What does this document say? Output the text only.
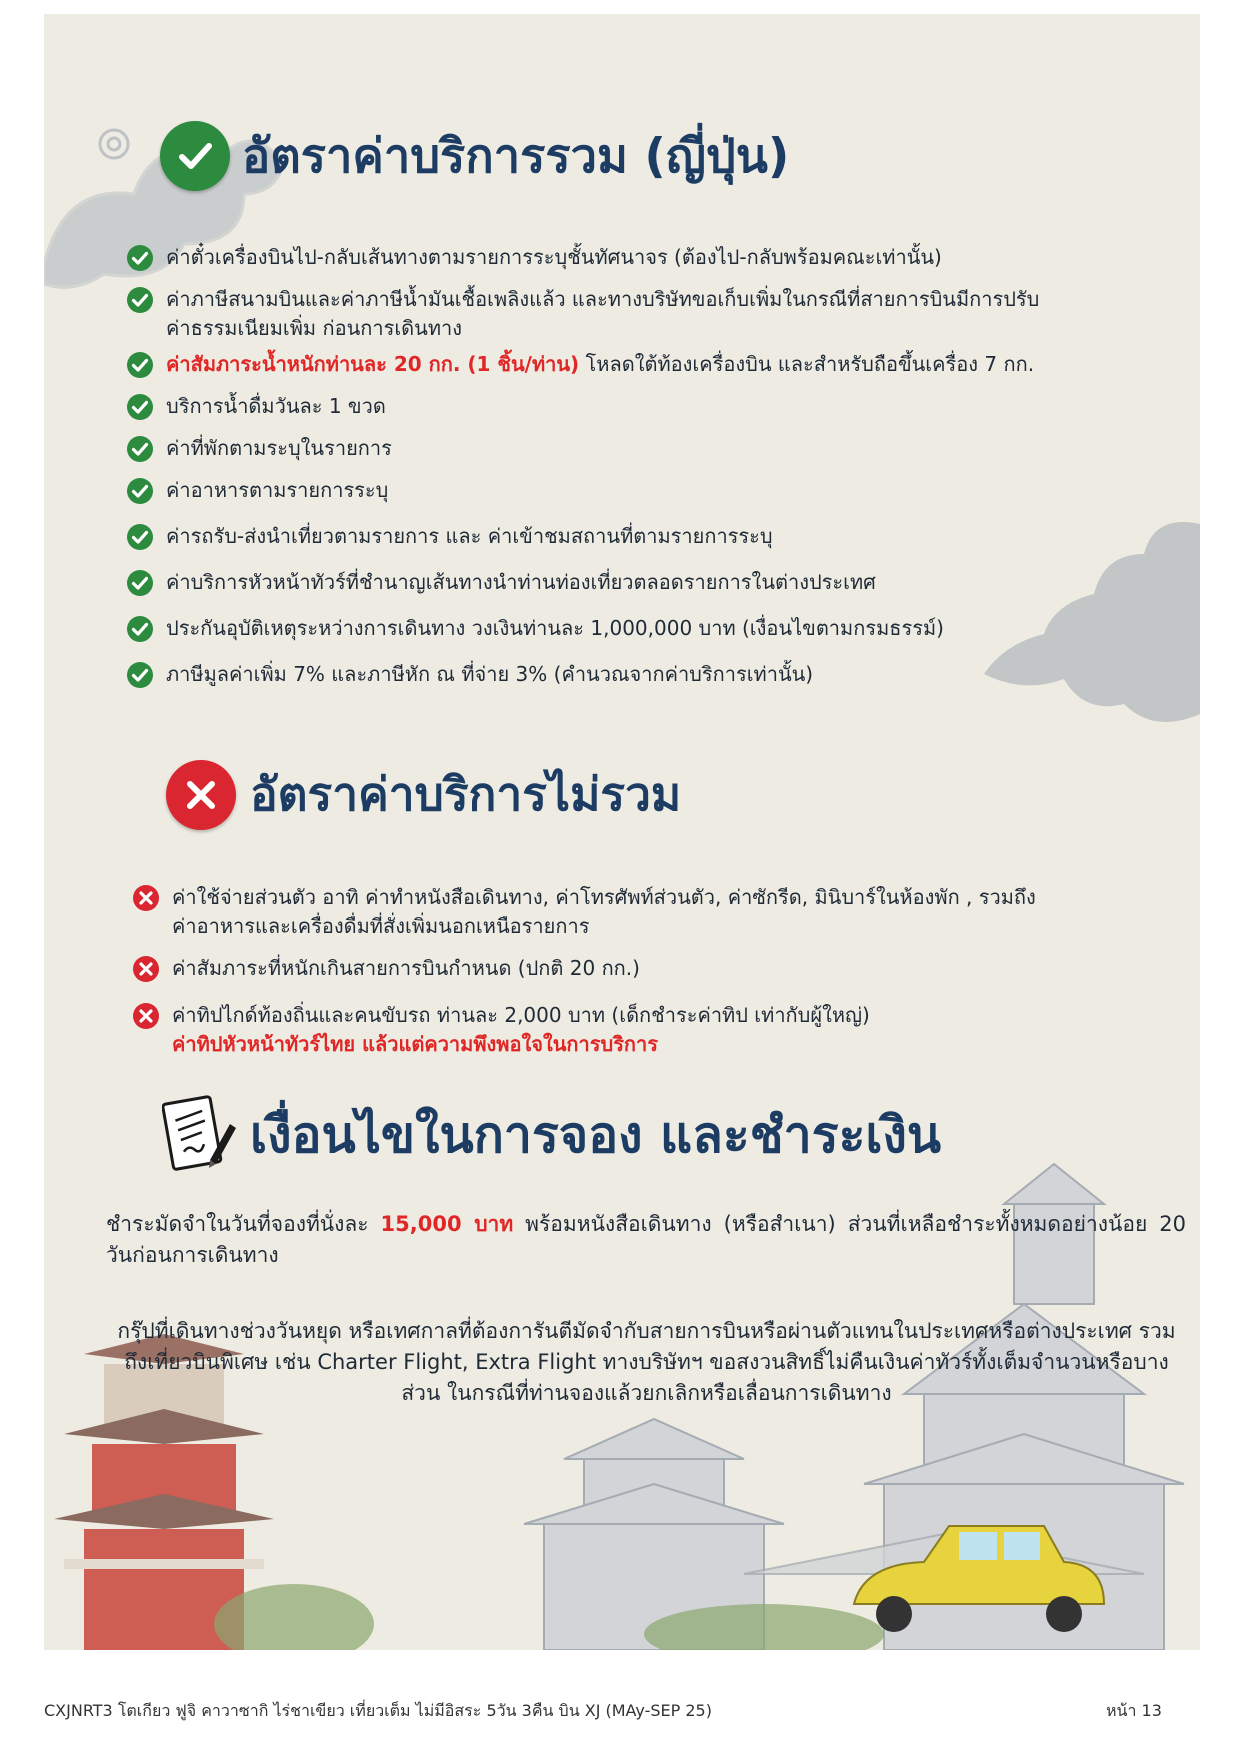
อัตราค่าบริการรวม (ญี่ปุ่น)
ค่าตั๋วเครื่องบินไป-กลับเส้นทางตามรายการระบุชั้นทัศนาจร (ต้องไป-กลับพร้อมคณะเท่านั้น)
ค่าภาษีสนามบินและค่าภาษีน้ำมันเชื้อเพลิงแล้ว และทางบริษัทขอเก็บเพิ่มในกรณีที่สายการบินมีการปรับ
ค่าธรรมเนียมเพิ่ม ก่อนการเดินทาง
ค่าสัมภาระน้ำหนักท่านละ 20 กก. (1 ชิ้น/ท่าน) โหลดใต้ท้องเครื่องบิน และสำหรับถือขึ้นเครื่อง 7 กก.
บริการน้ำดื่มวันละ 1 ขวด
ค่าที่พักตามระบุในรายการ
ค่าอาหารตามรายการระบุ
ค่ารถรับ-ส่งนำเที่ยวตามรายการ และ ค่าเข้าชมสถานที่ตามรายการระบุ
ค่าบริการหัวหน้าทัวร์ที่ชำนาญเส้นทางนำท่านท่องเที่ยวตลอดรายการในต่างประเทศ
ประกันอุบัติเหตุระหว่างการเดินทาง วงเงินท่านละ 1,000,000 บาท (เงื่อนไขตามกรมธรรม์)
ภาษีมูลค่าเพิ่ม 7% และภาษีหัก ณ ที่จ่าย 3% (คำนวณจากค่าบริการเท่านั้น)
อัตราค่าบริการไม่รวม
ค่าใช้จ่ายส่วนตัว อาทิ ค่าทำหนังสือเดินทาง, ค่าโทรศัพท์ส่วนตัว, ค่าซักรีด, มินิบาร์ในห้องพัก , รวมถึง
ค่าอาหารและเครื่องดื่มที่สั่งเพิ่มนอกเหนือรายการ
ค่าสัมภาระที่หนักเกินสายการบินกำหนด (ปกติ 20 กก.)
ค่าทิปไกด์ท้องถิ่นและคนขับรถ ท่านละ 2,000 บาท (เด็กชำระค่าทิป เท่ากับผู้ใหญ่)
ค่าทิปหัวหน้าทัวร์ไทย แล้วแต่ความพึงพอใจในการบริการ
เงื่อนไขในการจอง และชำระเงิน
ชำระมัดจำในวันที่จองที่นั่งละ 15,000 บาท พร้อมหนังสือเดินทาง (หรือสำเนา) ส่วนที่เหลือชำระทั้งหมดอย่างน้อย 20 วันก่อนการเดินทาง
กรุ๊ปที่เดินทางช่วงวันหยุด หรือเทศกาลที่ต้องการันตีมัดจำกับสายการบินหรือผ่านตัวแทนในประเทศหรือต่างประเทศ รวมถึงเที่ยวบินพิเศษ เช่น Charter Flight, Extra Flight ทางบริษัทฯ ขอสงวนสิทธิ์ไม่คืนเงินค่าทัวร์ทั้งเต็มจำนวนหรือบางส่วน ในกรณีที่ท่านจองแล้วยกเลิกหรือเลื่อนการเดินทาง
CXJNRT3 โตเกียว ฟูจิ คาวาซากิ ไร่ชาเขียว เที่ยวเต็ม ไม่มีอิสระ 5วัน 3คืน บิน XJ (MAy-SEP 25)	หน้า 13
